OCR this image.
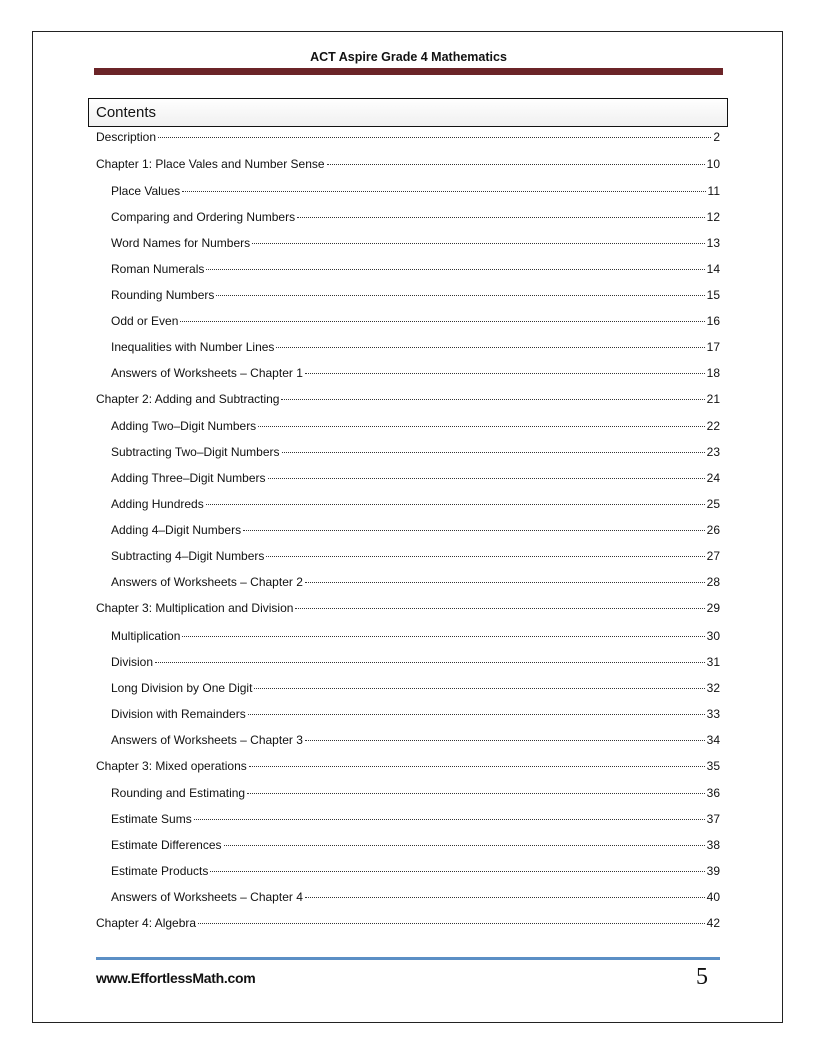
ACT Aspire Grade 4 Mathematics
Contents
Description	2
Chapter 1: Place Vales and Number Sense	10
Place Values	11
Comparing and Ordering Numbers	12
Word Names for Numbers	13
Roman Numerals	14
Rounding Numbers	15
Odd or Even	16
Inequalities with Number Lines	17
Answers of Worksheets – Chapter 1	18
Chapter 2: Adding and Subtracting	21
Adding Two–Digit Numbers	22
Subtracting Two–Digit Numbers	23
Adding Three–Digit Numbers	24
Adding Hundreds	25
Adding 4–Digit Numbers	26
Subtracting 4–Digit Numbers	27
Answers of Worksheets – Chapter 2	28
Chapter 3: Multiplication and Division	29
Multiplication	30
Division	31
Long Division by One Digit	32
Division with Remainders	33
Answers of Worksheets – Chapter 3	34
Chapter 3: Mixed operations	35
Rounding and Estimating	36
Estimate Sums	37
Estimate Differences	38
Estimate Products	39
Answers of Worksheets – Chapter 4	40
Chapter 4: Algebra	42
www.EffortlessMath.com	5
